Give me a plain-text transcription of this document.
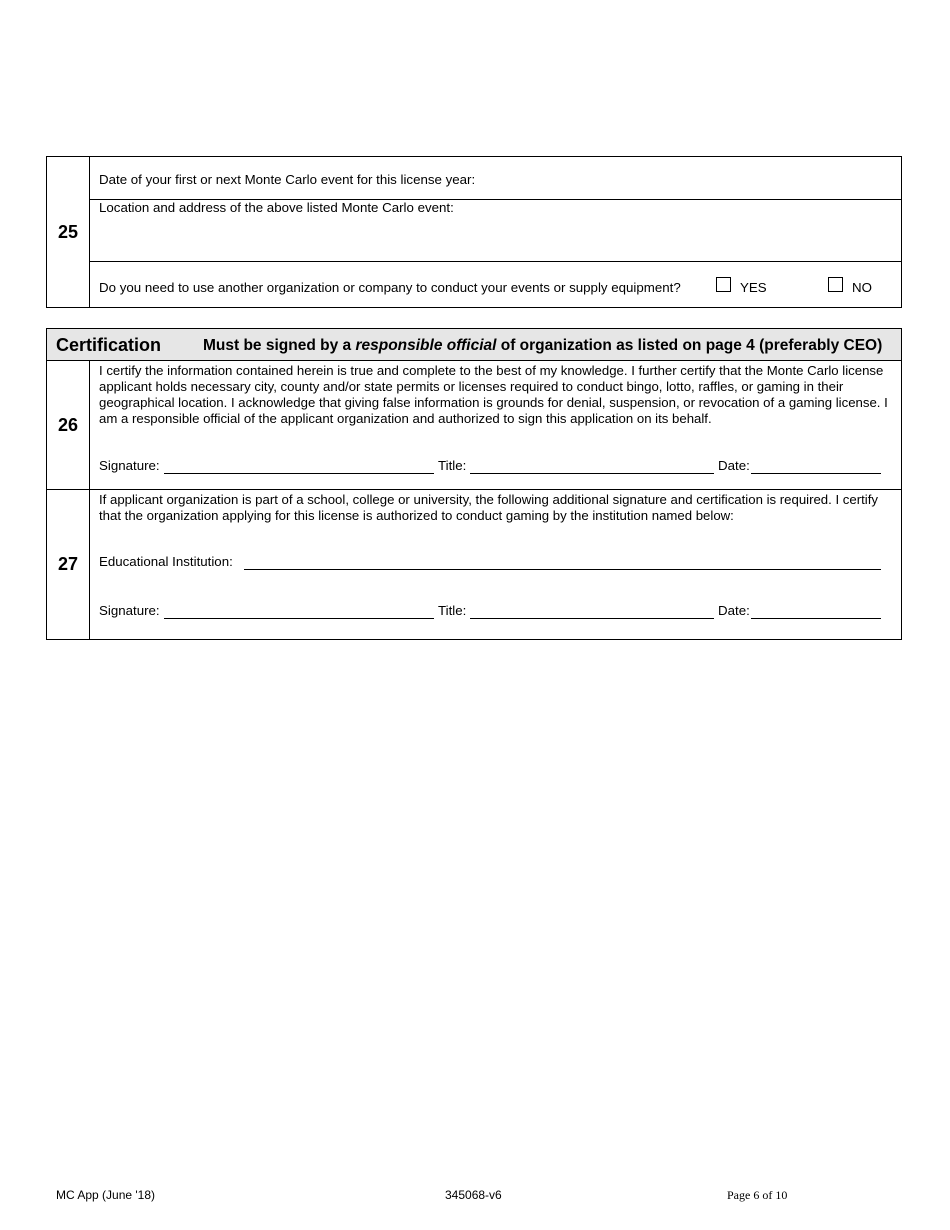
25
Date of your first or next Monte Carlo event for this license year:
Location and address of the above listed Monte Carlo event:
Do you need to use another organization or company to conduct your events or supply equipment?	YES	NO
Certification	Must be signed by a responsible official of organization as listed on page 4 (preferably CEO)
26
I certify the information contained herein is true and complete to the best of my knowledge. I further certify that the Monte Carlo license applicant holds necessary city, county and/or state permits or licenses required to conduct bingo, lotto, raffles, or gaming in their geographical location. I acknowledge that giving false information is grounds for denial, suspension, or revocation of a gaming license. I am a responsible official of the applicant organization and authorized to sign this application on its behalf.
Signature:	Title:	Date:
27
If applicant organization is part of a school, college or university, the following additional signature and certification is required. I certify that the organization applying for this license is authorized to conduct gaming by the institution named below:
Educational Institution:
Signature:	Title:	Date:
MC App (June '18)	345068-v6	Page 6 of 10
